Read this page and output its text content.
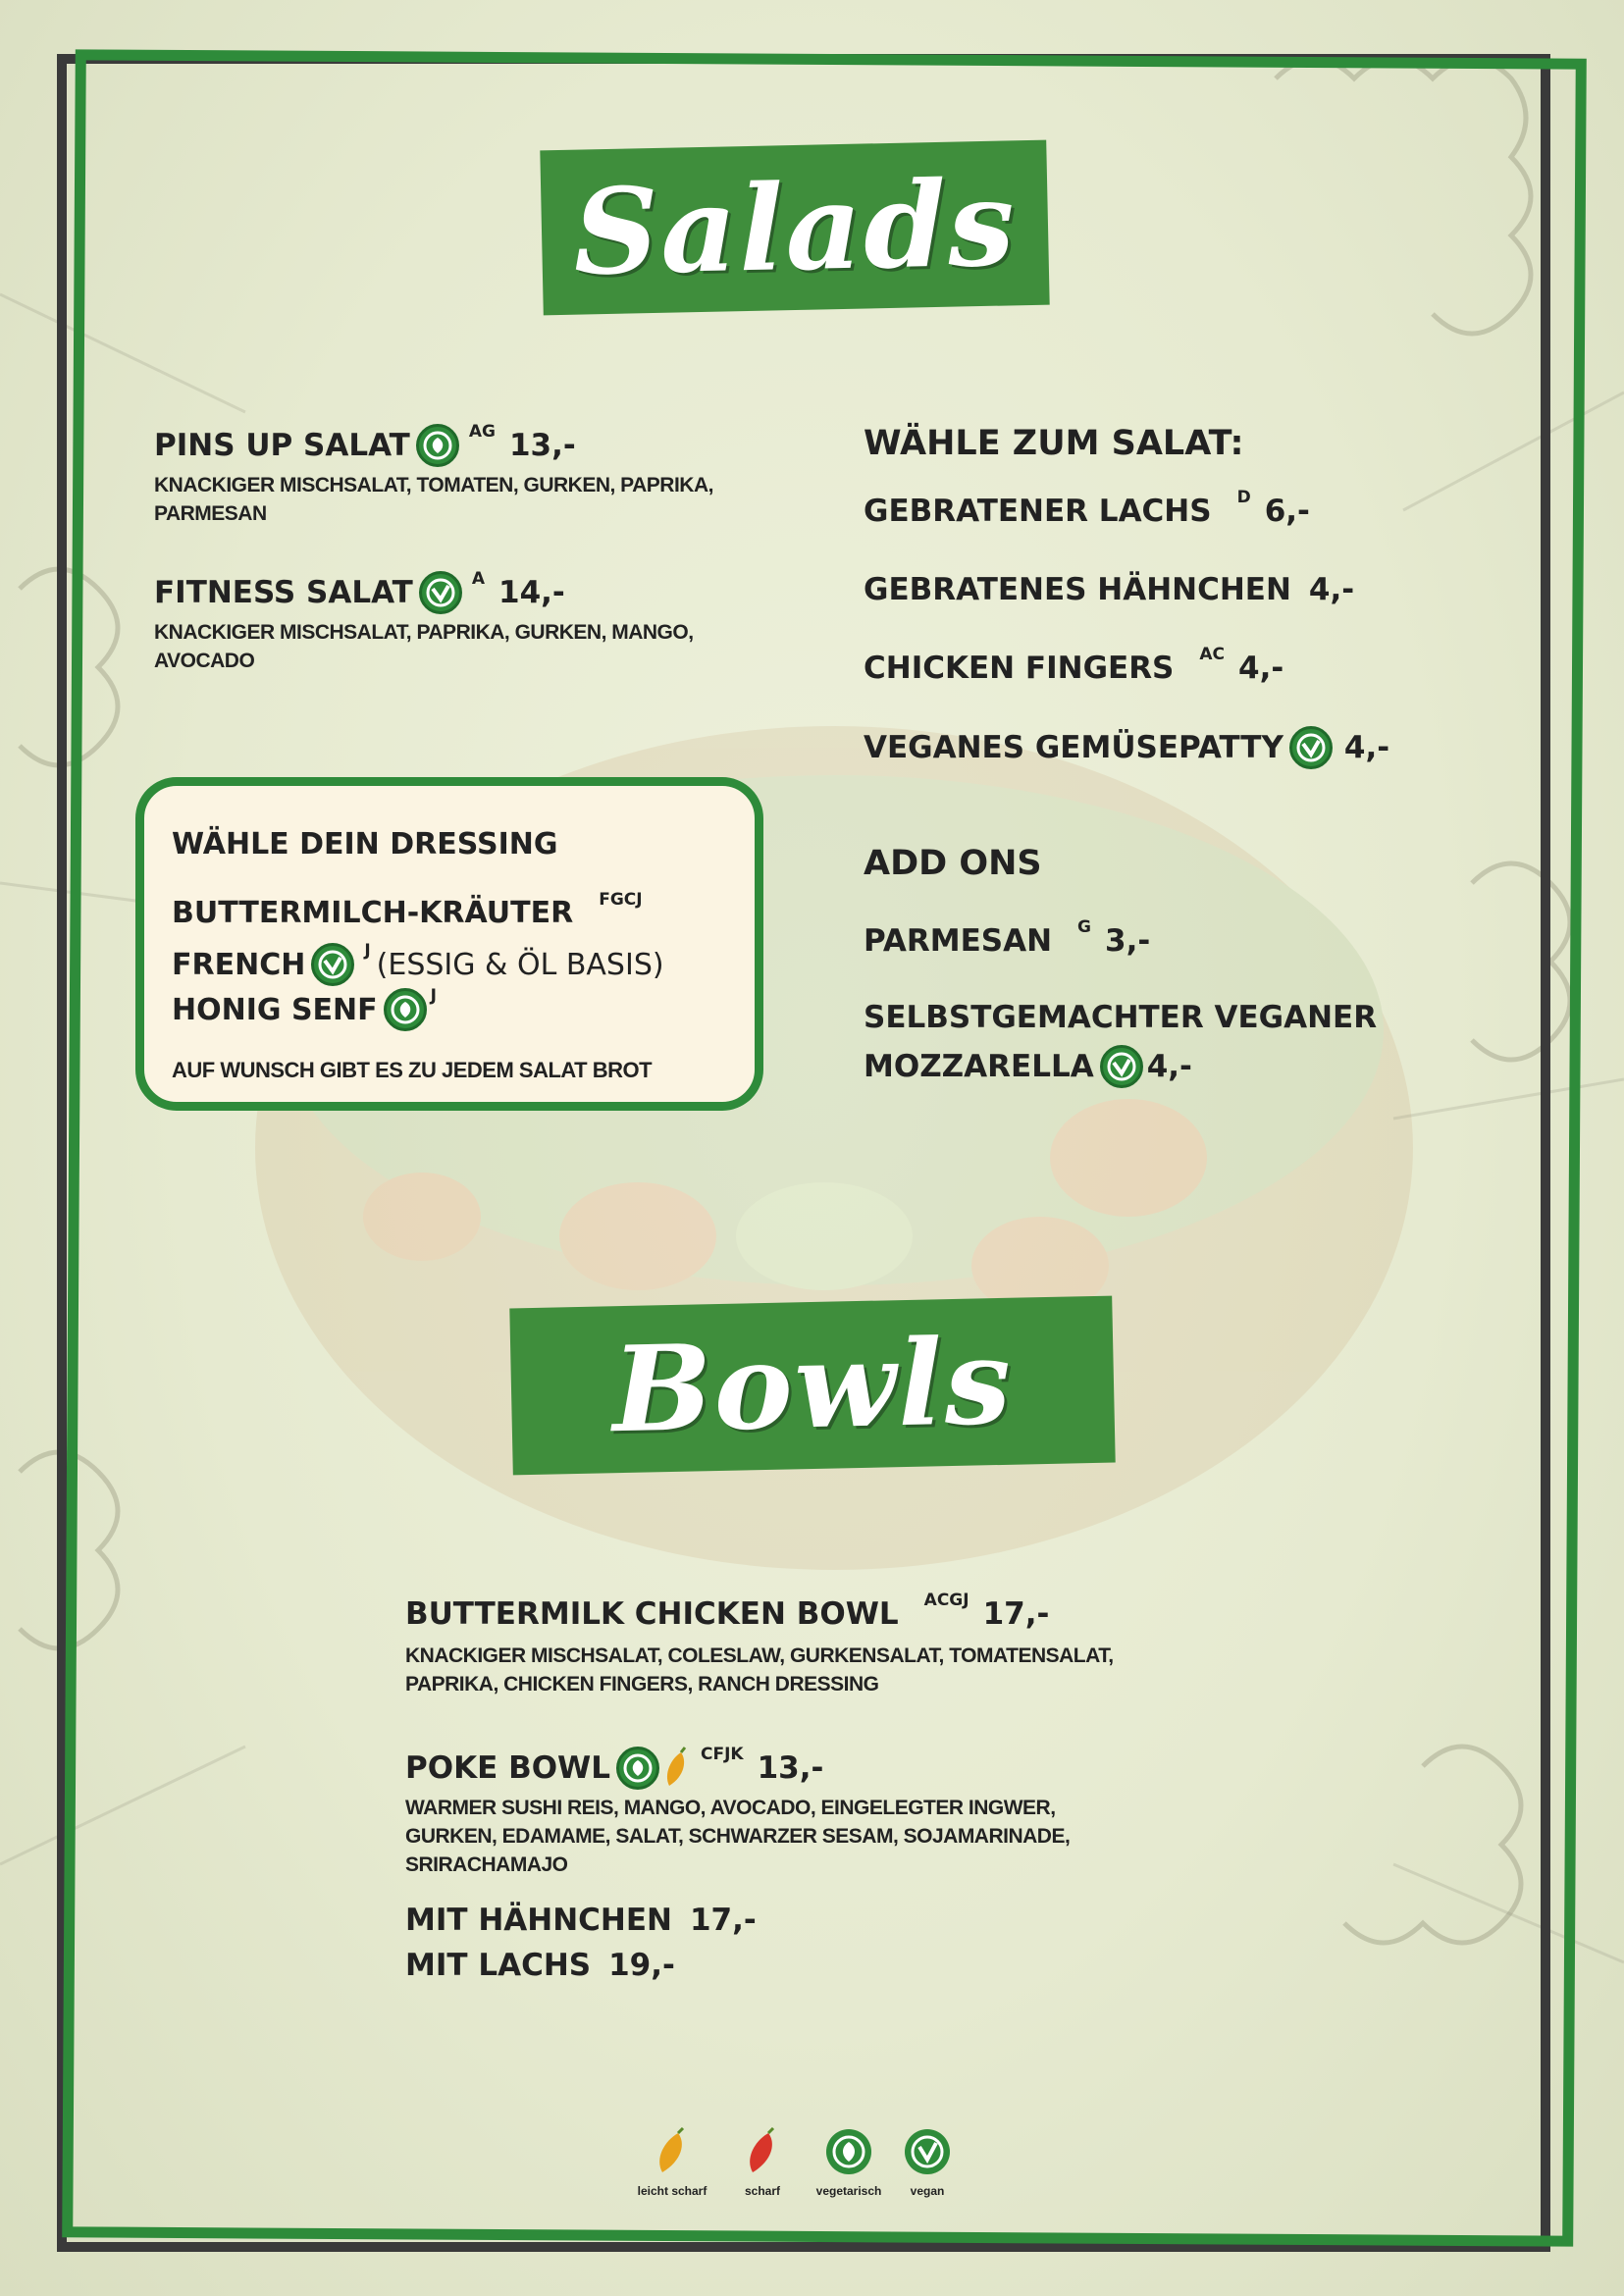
Salads
PINS UP SALAT	AG 13,-
KNACKIGER MISCHSALAT, TOMATEN, GURKEN, PAPRIKA,
PARMESAN
FITNESS SALAT	A 14,-
KNACKIGER MISCHSALAT, PAPRIKA, GURKEN, MANGO,
AVOCADO
WÄHLE DEIN DRESSING
BUTTERMILCH-KRÄUTER FGCJ
FRENCH	J (ESSIG & ÖL BASIS)
HONIG SENF	J
AUF WUNSCH GIBT ES ZU JEDEM SALAT BROT
WÄHLE ZUM SALAT:
GEBRATENER LACHS D 6,-
GEBRATENES HÄHNCHEN 4,-
CHICKEN FINGERS AC 4,-
VEGANES GEMÜSEPATTY 4,-
ADD ONS
PARMESAN G 3,-
SELBSTGEMACHTER VEGANER
MOZZARELLA 4,-
Bowls
BUTTERMILK CHICKEN BOWL ACGJ 17,-
KNACKIGER MISCHSALAT, COLESLAW, GURKENSALAT, TOMATENSALAT,
PAPRIKA, CHICKEN FINGERS, RANCH DRESSING
POKE BOWL	CFJK 13,-
WARMER SUSHI REIS, MANGO, AVOCADO, EINGELEGTER INGWER,
GURKEN, EDAMAME, SALAT, SCHWARZER SESAM, SOJAMARINADE,
SRIRACHAMAJO
MIT HÄHNCHEN 17,-
MIT LACHS 19,-
leicht scharf	scharf	vegetarisch	vegan
